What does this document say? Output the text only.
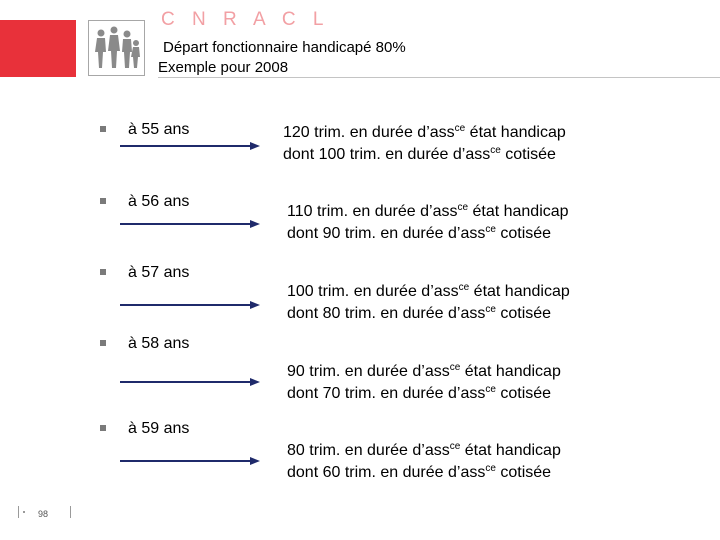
C N R A C L
Départ fonctionnaire handicapé 80%
Exemple pour 2008
à 55 ans	120 trim. en durée d’ass$^{ce}$ état handicap
dont 100 trim. en durée d’ass$^{ce}$ cotisée
à 56 ans
110 trim. en durée d’ass$^{ce}$ état handicap
dont 90 trim. en durée d’ass$^{ce}$ cotisée
à 57 ans
100 trim. en durée d’ass$^{ce}$ état handicap
dont 80 trim. en durée d’ass$^{ce}$ cotisée
à 58 ans
90 trim. en durée d’ass$^{ce}$ état handicap
dont 70 trim. en durée d’ass$^{ce}$ cotisée
à 59 ans
80 trim. en durée d’ass$^{ce}$ état handicap
dont 60 trim. en durée d’ass$^{ce}$ cotisée
98
